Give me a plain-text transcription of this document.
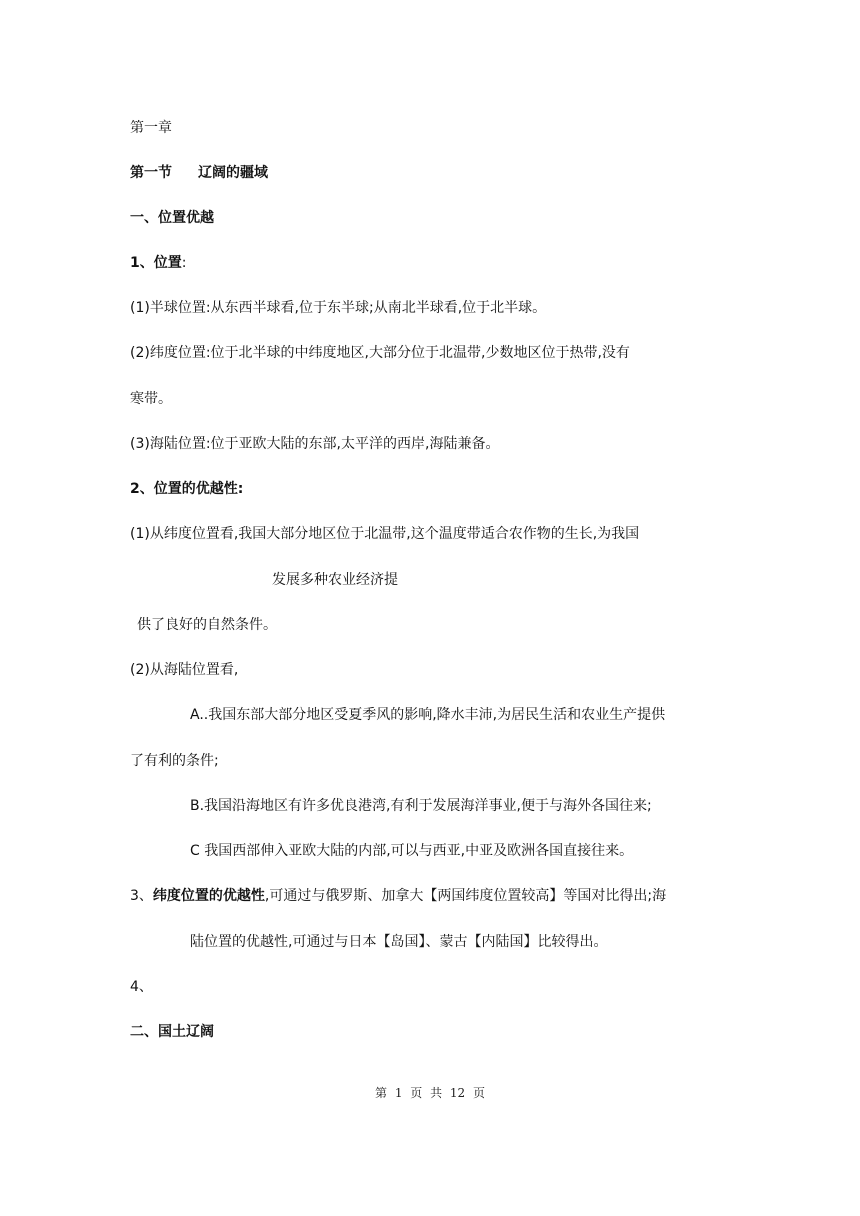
第一章
第一节 辽阔的疆域
一、位置优越
1、位置:
(1)半球位置:从东西半球看,位于东半球;从南北半球看,位于北半球。
(2)纬度位置:位于北半球的中纬度地区,大部分位于北温带,少数地区位于热带,没有
寒带。
(3)海陆位置:位于亚欧大陆的东部,太平洋的西岸,海陆兼备。
2、位置的优越性:
(1)从纬度位置看,我国大部分地区位于北温带,这个温度带适合农作物的生长,为我国
发展多种农业经济提
供了良好的自然条件。
(2)从海陆位置看,
A..我国东部大部分地区受夏季风的影响,降水丰沛,为居民生活和农业生产提供
了有利的条件;
B.我国沿海地区有许多优良港湾,有利于发展海洋事业,便于与海外各国往来;
C 我国西部伸入亚欧大陆的内部,可以与西亚,中亚及欧洲各国直接往来。
3、纬度位置的优越性,可通过与俄罗斯、加拿大【两国纬度位置较高】等国对比得出;海
陆位置的优越性,可通过与日本【岛国】、蒙古【内陆国】比较得出。
4、
二、国土辽阔
第 1 页 共 12 页
